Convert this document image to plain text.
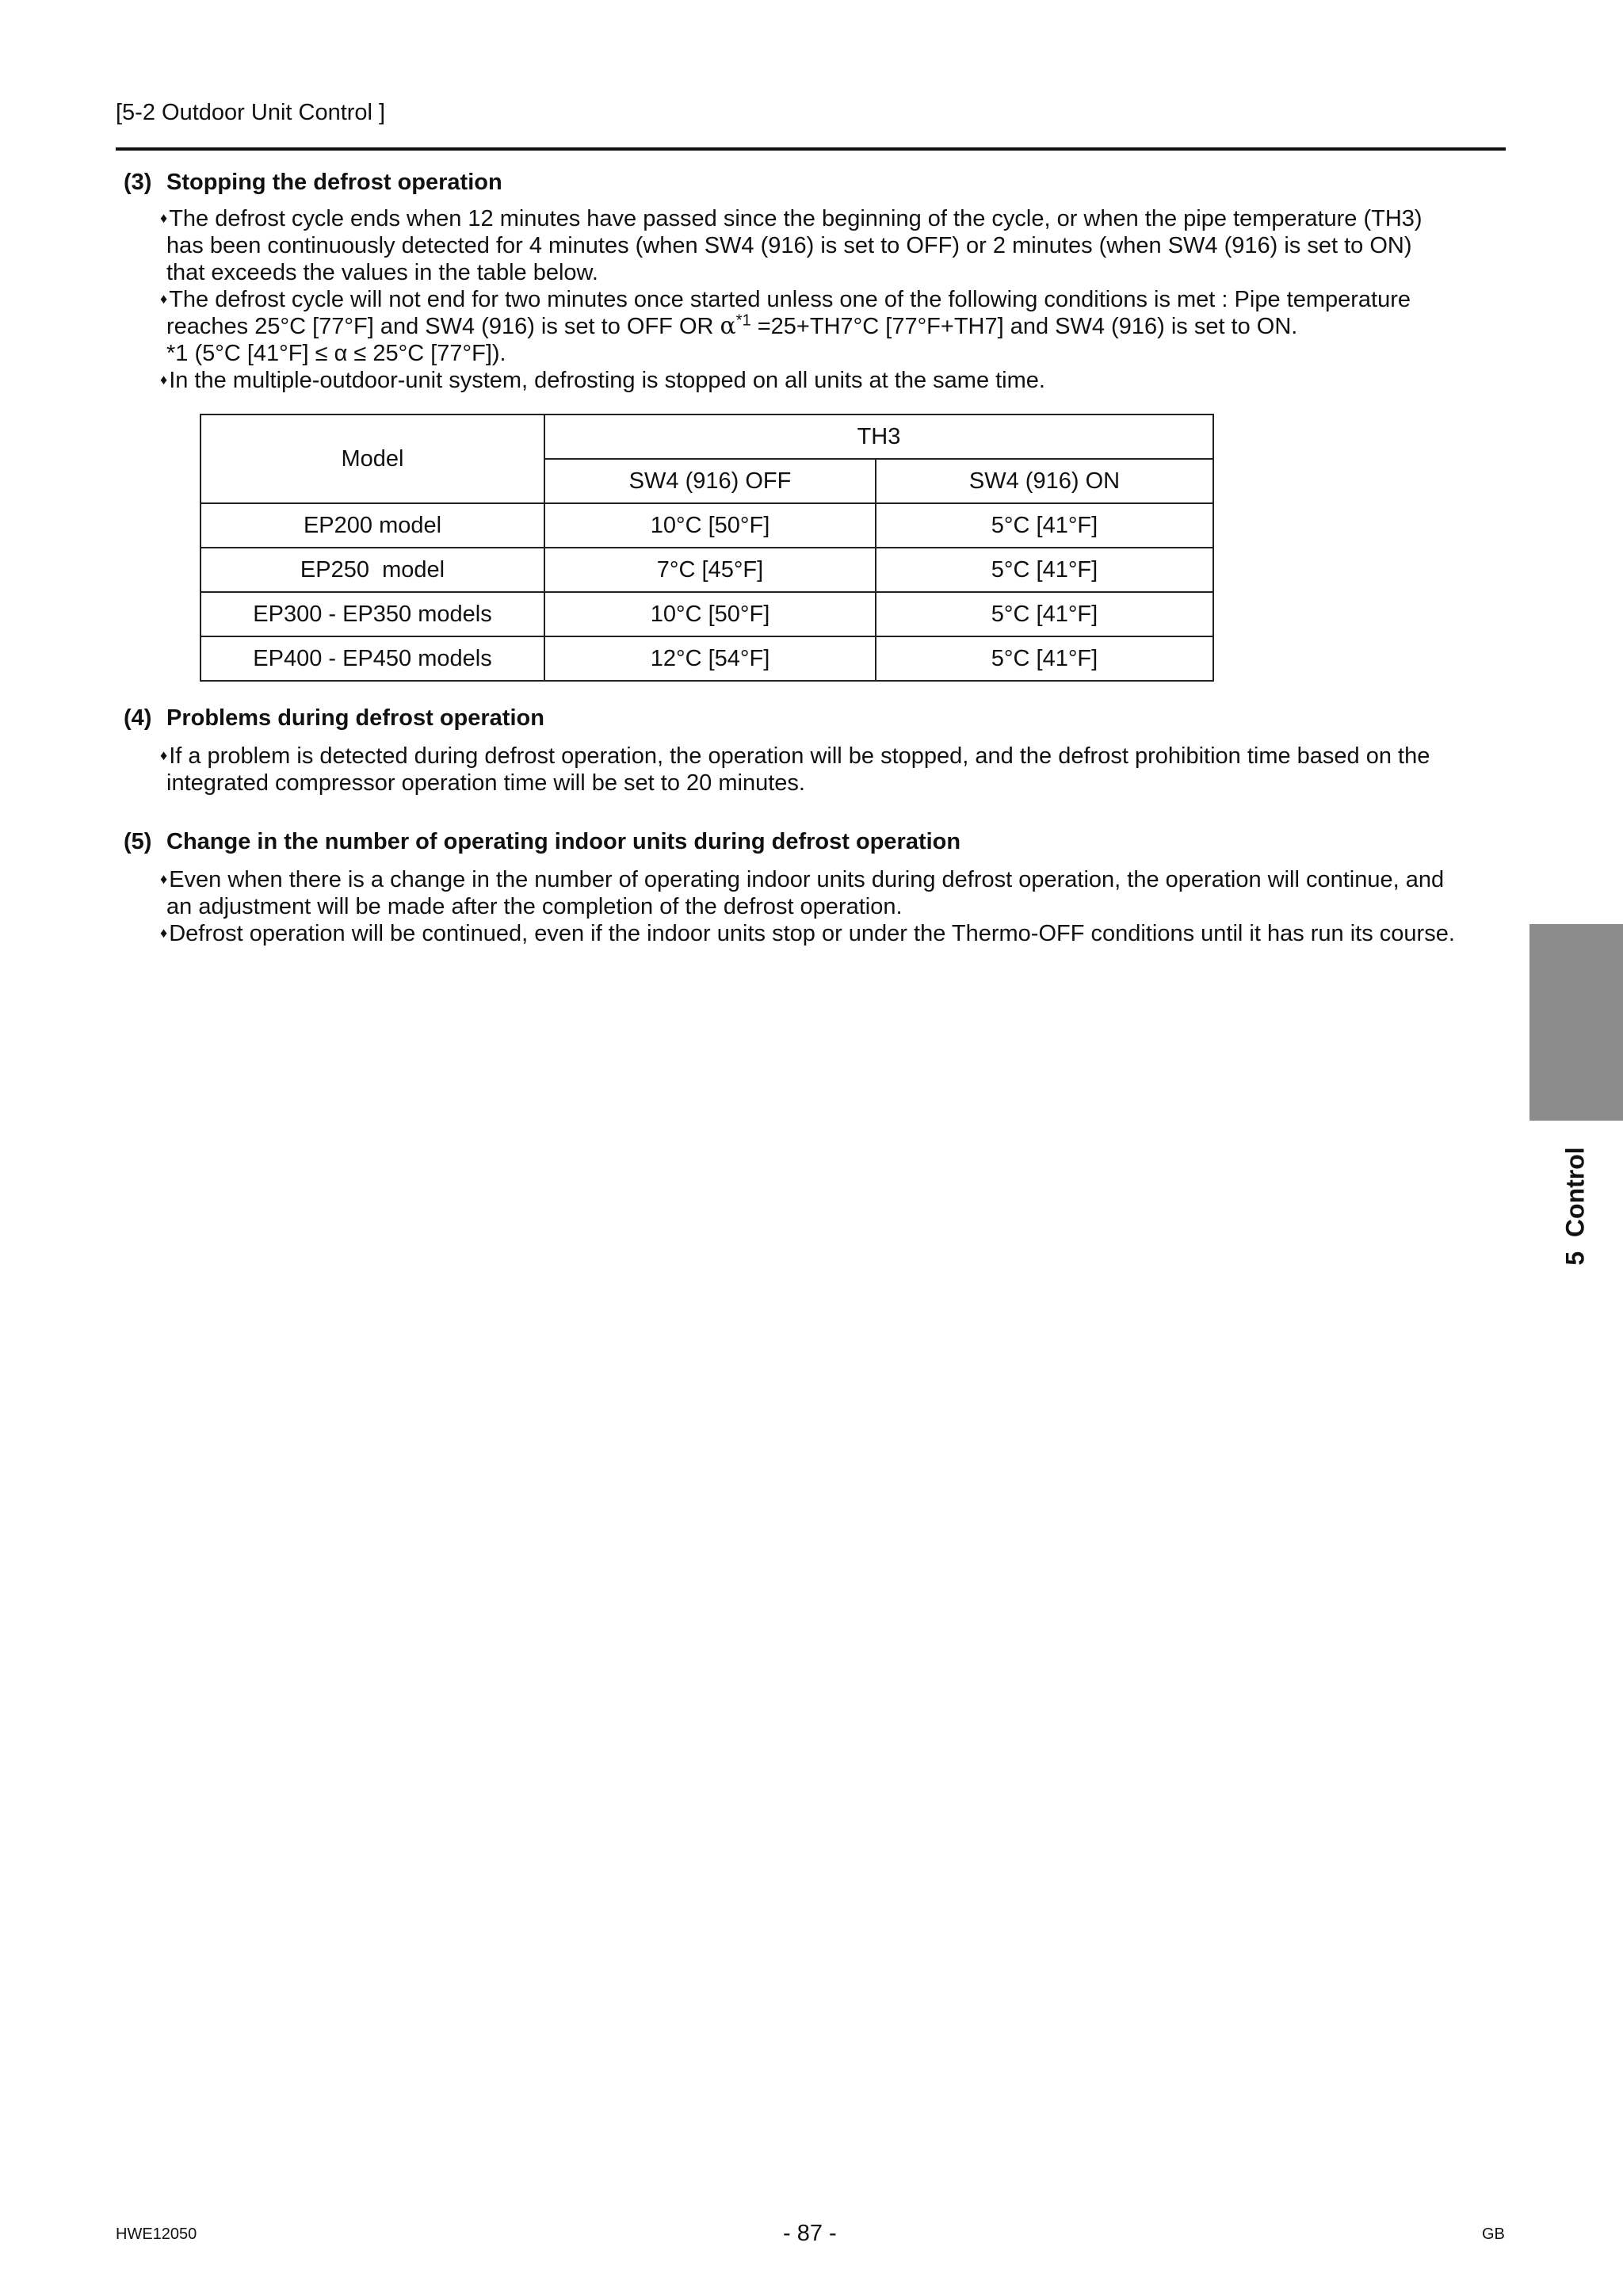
[5-2 Outdoor Unit Control ]
(3) Stopping the defrost operation
♦The defrost cycle ends when 12 minutes have passed since the beginning of the cycle, or when the pipe temperature (TH3)
has been continuously detected for 4 minutes (when SW4 (916) is set to OFF) or 2 minutes (when SW4 (916) is set to ON)
that exceeds the values in the table below.
♦The defrost cycle will not end for two minutes once started unless one of the following conditions is met : Pipe temperature
reaches 25°C [77°F] and SW4 (916) is set to OFF OR $\alpha^{*1} =25+TH7^\circ C$ [77°F+TH7] and SW4 (916) is set to ON.
*1 (5°C [41°F] ≤ α ≤ 25°C [77°F]).
♦In the multiple-outdoor-unit system, defrosting is stopped on all units at the same time.
Model	TH3	
	SW4 (916) OFF	SW4 (916) ON
EP200 model	10°C [50°F]	5°C [41°F]
EP250  model	7°C [45°F]	5°C [41°F]
EP300 - EP350 models	10°C [50°F]	5°C [41°F]
EP400 - EP450 models	12°C [54°F]	5°C [41°F]
(4) Problems during defrost operation
♦If a problem is detected during defrost operation, the operation will be stopped, and the defrost prohibition time based on the
integrated compressor operation time will be set to 20 minutes.
(5) Change in the number of operating indoor units during defrost operation
♦Even when there is a change in the number of operating indoor units during defrost operation, the operation will continue, and
an adjustment will be made after the completion of the defrost operation.
♦Defrost operation will be continued, even if the indoor units stop or under the Thermo-OFF conditions until it has run its course.
5  Control
HWE12050	- 87 -	GB
